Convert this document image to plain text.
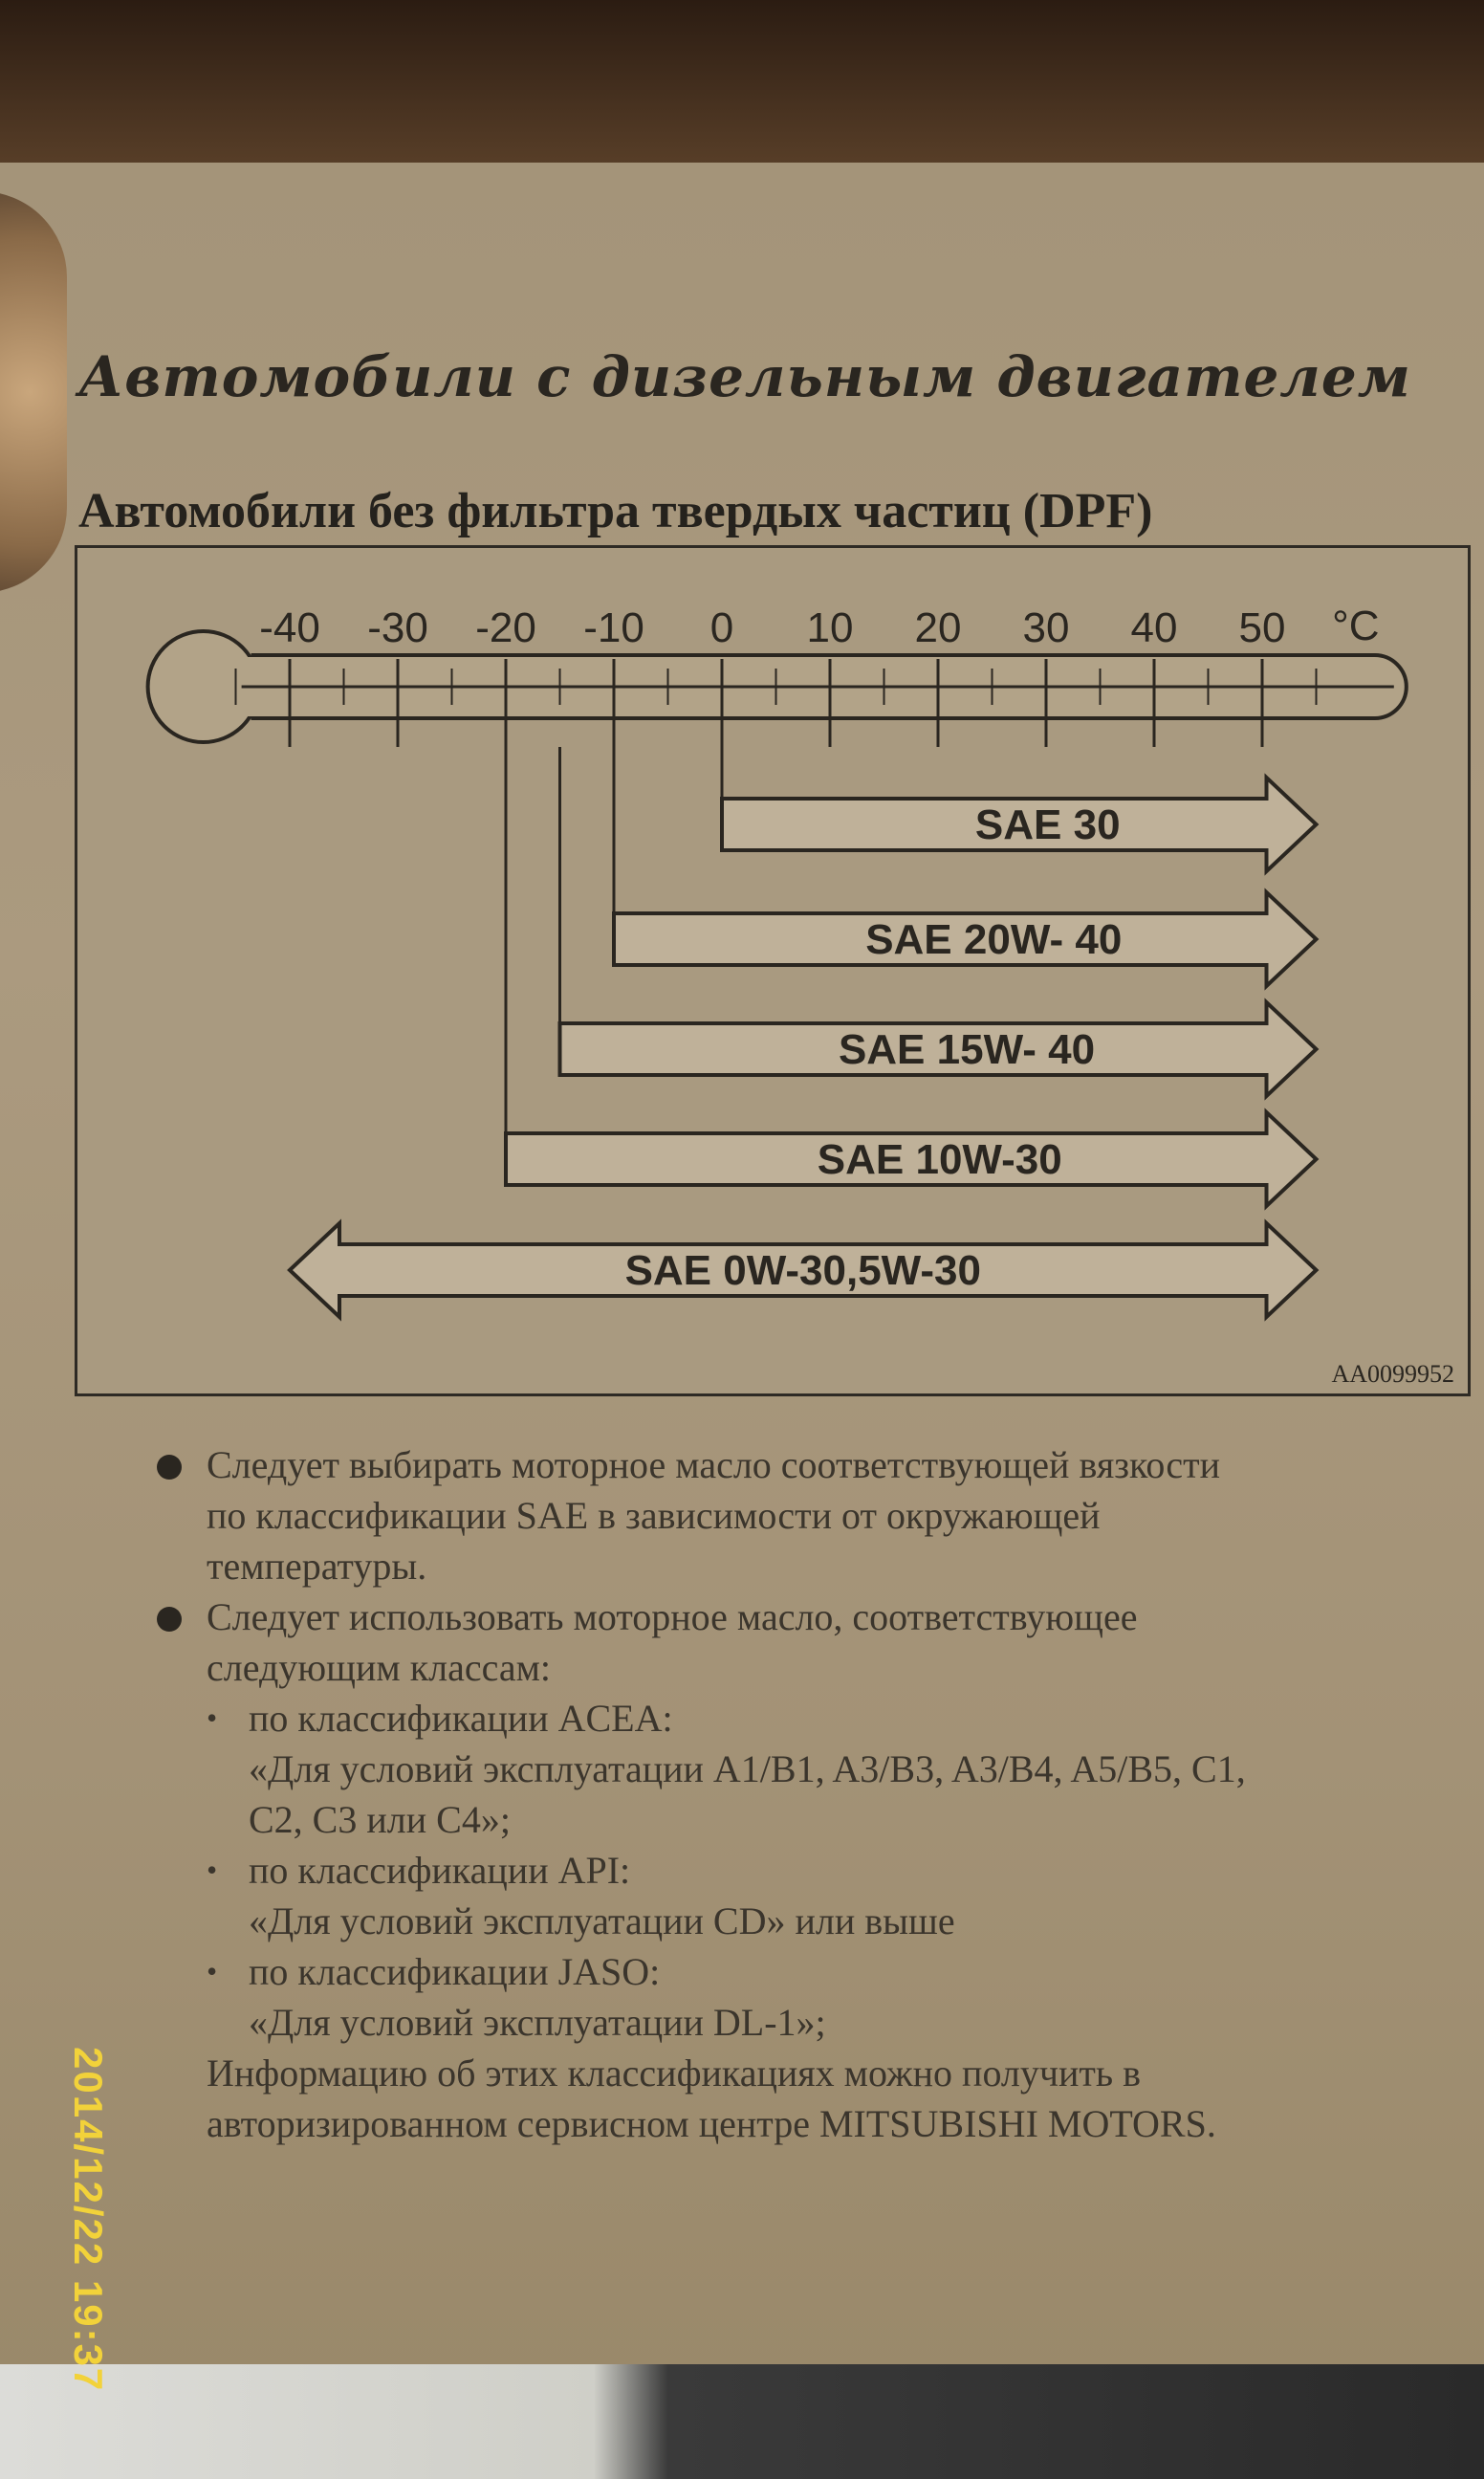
Автомобили с дизельным двигателем
Автомобили без фильтра твердых частиц (DPF)
-40 -30 -20 -10 0 10 20 30 40 50 °C
SAE 30
SAE 20W- 40
SAE 15W- 40
SAE 10W-30
SAE 0W-30,5W-30
AA0099952
Следует выбирать моторное масло соответствующей вязкости
по классификации SAE в зависимости от окружающей
температуры.
Следует использовать моторное масло, соответствующее
следующим классам:
• по классификации ACEA:

«Для условий эксплуатации A1/B1, A3/B3, A3/B4, A5/B5, C1,

C2, C3 или C4»;

• по классификации API:

«Для условий эксплуатации CD» или выше

• по классификации JASO:

«Для условий эксплуатации DL-1»;

Информацию об этих классификациях можно получить в

авторизированном сервисном центре MITSUBISHI MOTORS.

2014/12/22 19:37
